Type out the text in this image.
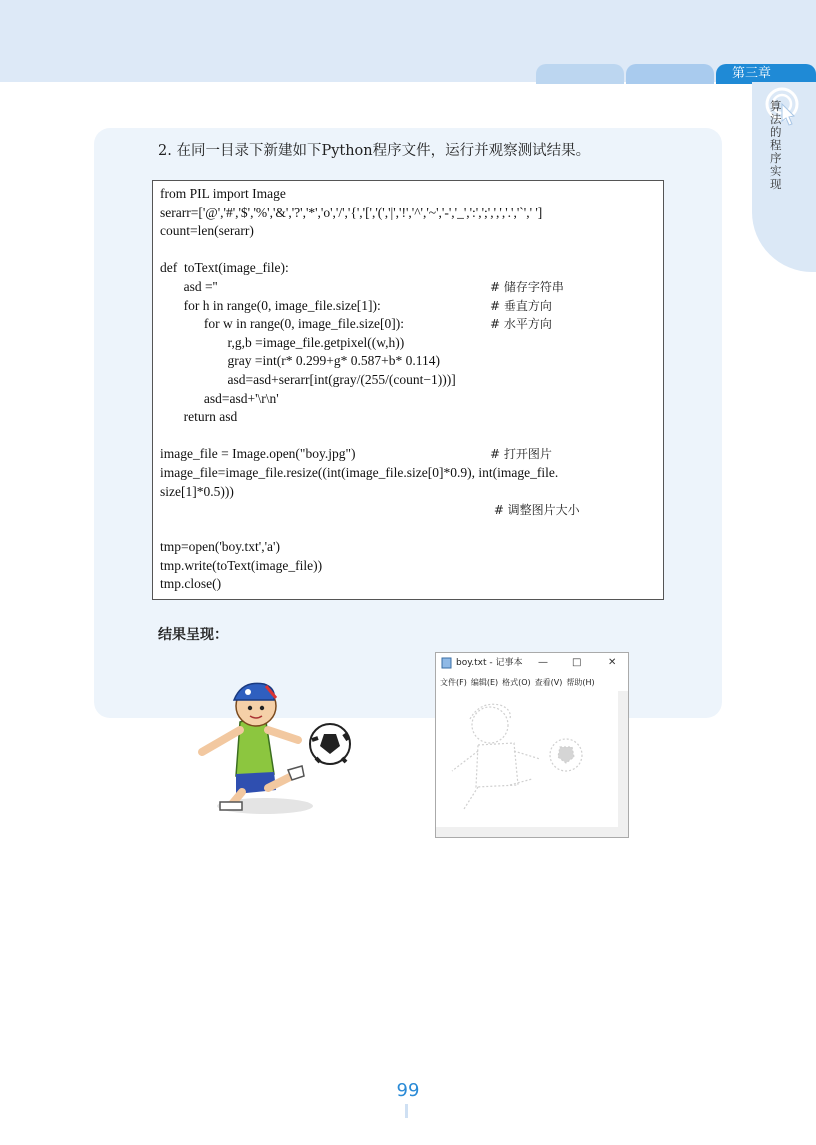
第三章
算法的程序实现
2. 在同一目录下新建如下Python程序文件，运行并观察测试结果。
from PIL import Image
serarr=['@','#','$','%','&','?','*','o','/','{','[','(','|','!','^','~','-','_',':',';',',','.','`',' ']
count=len(serarr)
def  toText(image_file):
asd =''	# 储存字符串
for h in range(0, image_file.size[1]):	# 垂直方向
for w in range(0, image_file.size[0]):	# 水平方向
r,g,b =image_file.getpixel((w,h))
gray =int(r* 0.299+g* 0.587+b* 0.114)
asd=asd+serarr[int(gray/(255/(count−1)))]
asd=asd+'\r\n'
return asd
image_file = Image.open("boy.jpg")	# 打开图片
image_file=image_file.resize((int(image_file.size[0]*0.9), int(image_file.
size[1]*0.5)))
# 调整图片大小
tmp=open('boy.txt','a')
tmp.write(toText(image_file))
tmp.close()
结果呈现：
boy.txt - 记事本 — □	✕
文件(F) 编辑(E) 格式(O) 查看(V) 帮助(H)
99
